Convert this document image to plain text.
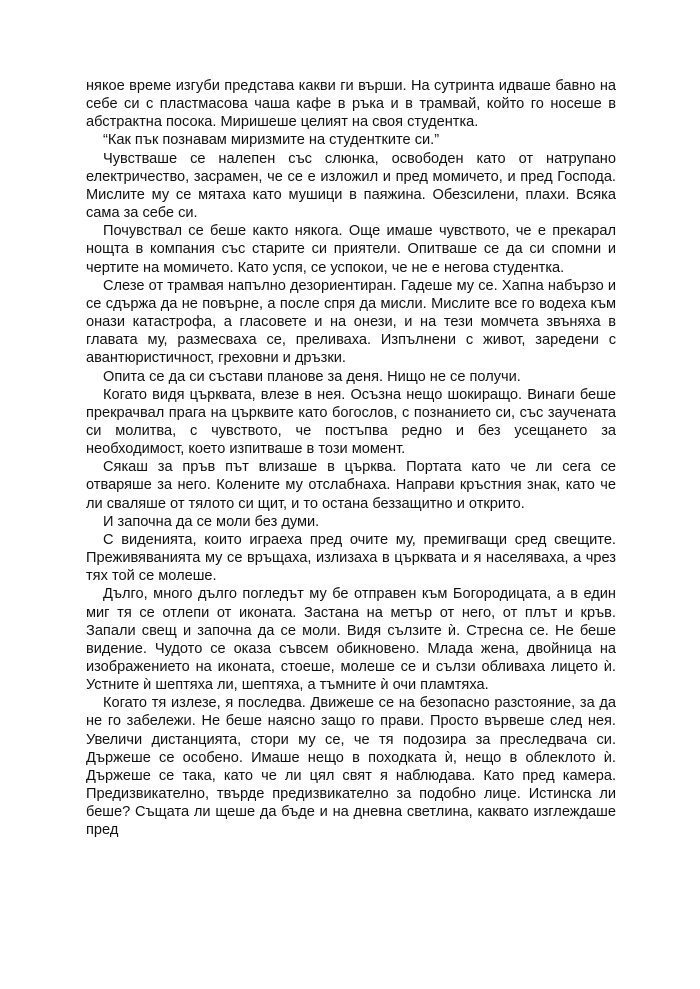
някое време изгуби представа какви ги върши. На сутринта идваше бавно на себе си с пластмасова чаша кафе в ръка и в трамвай, който го носеше в абстрактна посока. Миришеше целият на своя студентка.

“Как пък познавам миризмите на студентките си.”

Чувстваше се налепен със слюнка, освободен като от натрупано електричество, засрамен, че се е изложил и пред момичето, и пред Господа. Мислите му се мятаха като мушици в паяжина. Обезсилени, плахи. Всяка сама за себе си.

Почувствал се беше както някога. Още имаше чувството, че е прекарал нощта в компания със старите си приятели. Опитваше се да си спомни и чертите на момичето. Като успя, се успокои, че не е негова студентка.

Слезе от трамвая напълно дезориентиран. Гадеше му се. Хапна набързо и се сдържа да не повърне, а после спря да мисли. Мислите все го водеха към онази катастрофа, а гласовете и на онези, и на тези момчета звъняха в главата му, размесваха се, преливаха. Изпълнени с живот, заредени с авантюристичност, греховни и дръзки.

Опита се да си състави планове за деня. Нищо не се получи.

Когато видя църквата, влезе в нея. Осъзна нещо шокиращо. Винаги беше прекрачвал прага на църквите като богослов, с познанието си, със заучената си молитва, с чувството, че постъпва редно и без усещането за необходимост, което изпитваше в този момент.

Сякаш за пръв път влизаше в църква. Портата като че ли сега се отваряше за него. Колените му отслабнаха. Направи кръстния знак, като че ли сваляше от тялото си щит, и то остана беззащитно и открито.

И започна да се моли без думи.

С виденията, които играеха пред очите му, премигващи сред свещите. Преживяванията му се връщаха, излизаха в църквата и я населяваха, а чрез тях той се молеше.

Дълго, много дълго погледът му бе отправен към Богородицата, а в един миг тя се отлепи от иконата. Застана на метър от него, от плът и кръв. Запали свещ и започна да се моли. Видя сълзите ѝ. Стресна се. Не беше видение. Чудото се оказа съвсем обикновено. Млада жена, двойница на изображението на иконата, стоеше, молеше се и сълзи обливаха лицето ѝ. Устните ѝ шептяха ли, шептяха, а тъмните ѝ очи пламтяха.

Когато тя излезе, я последва. Движеше се на безопасно разстояние, за да не го забележи. Не беше наясно защо го прави. Просто вървеше след нея. Увеличи дистанцията, стори му се, че тя подозира за преследвача си. Държеше се особено. Имаше нещо в походката ѝ, нещо в облеклото ѝ. Държеше се така, като че ли цял свят я наблюдава. Като пред камера. Предизвикателно, твърде предизвикателно за подобно лице. Истинска ли беше? Същата ли щеше да бъде и на дневна светлина, каквато изглеждаше пред
